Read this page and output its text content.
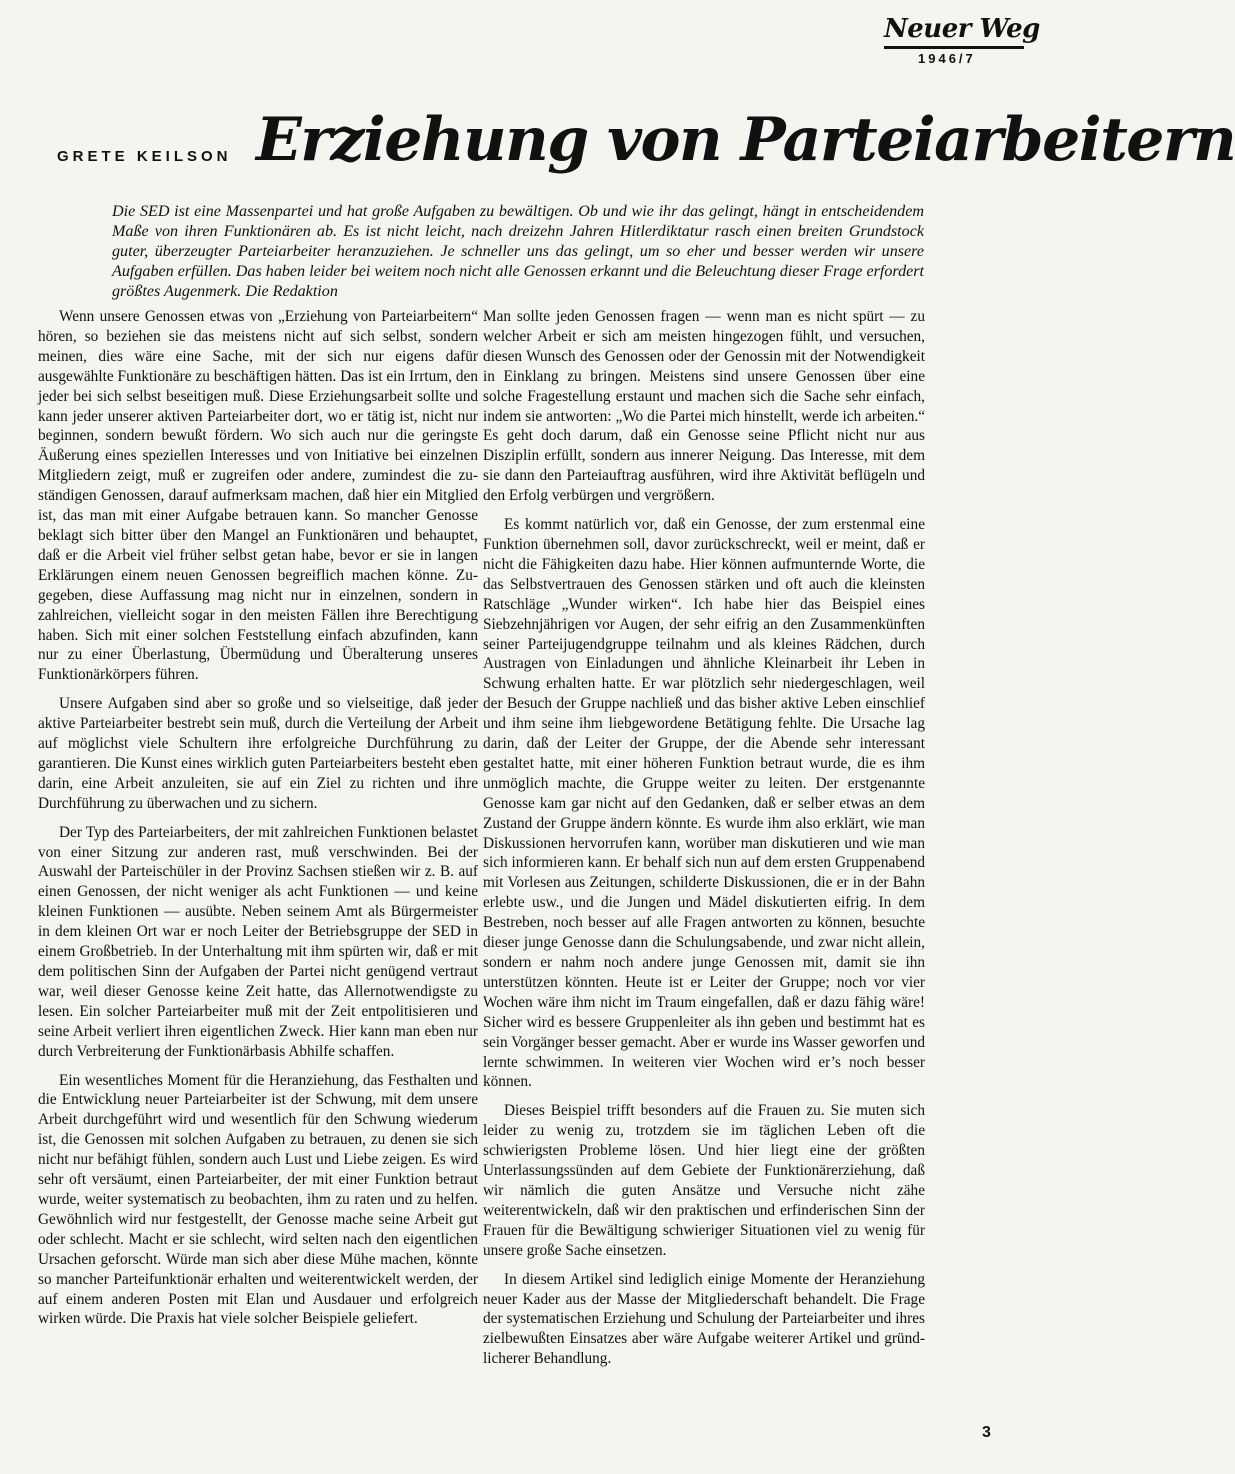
Neuer Weg
1946/7
GRETE KEILSON Erziehung von Parteiarbeitern

Die SED ist eine Massenpartei und hat große Aufgaben zu bewältigen. Ob und wie ihr das gelingt, hängt in entscheidendem Maße von ihren Funktionären ab. Es ist nicht leicht, nach dreizehn Jahren Hitlerdiktatur rasch einen breiten Grundstock guter, überzeugter Parteiarbeiter heranzuziehen. Je schneller uns das gelingt, um so eher und besser werden wir unsere Aufgaben erfüllen. Das haben leider bei weitem noch nicht alle Genossen erkannt und die Beleuchtung dieser Frage erfordert größtes Augenmerk. Die Redaktion

Wenn unsere Genossen etwas von „Erziehung von Parteiarbeitern“ hören, so beziehen sie das meistens nicht auf sich selbst, sondern meinen, dies wäre eine Sache, mit der sich nur eigens dafür ausgewählte Funktionäre zu beschäftigen hätten. Das ist ein Irrtum, den jeder bei sich selbst beseitigen muß. Diese Erziehungsarbeit sollte und kann jeder unserer aktiven Parteiarbeiter dort, wo er tätig ist, nicht nur beginnen, sondern bewußt fördern. Wo sich auch nur die geringste Äußerung eines speziellen Interesses und von Initiative bei einzelnen Mitgliedern zeigt, muß er zugreifen oder andere, zumindest die zuständigen Genossen, darauf aufmerksam machen, daß hier ein Mitglied ist, das man mit einer Aufgabe betrauen kann. So mancher Genosse beklagt sich bitter über den Mangel an Funktionären und behauptet, daß er die Arbeit viel früher selbst getan habe, bevor er sie in langen Erklärungen einem neuen Genossen begreiflich machen könne. Zugegeben, diese Auffassung mag nicht nur in einzelnen, sondern in zahlreichen, vielleicht sogar in den meisten Fällen ihre Berechtigung haben. Sich mit einer solchen Feststellung einfach abzufinden, kann nur zu einer Überlastung, Übermüdung und Überalterung unseres Funktionärkörpers führen.

Unsere Aufgaben sind aber so große und so vielseitige, daß jeder aktive Parteiarbeiter bestrebt sein muß, durch die Verteilung der Arbeit auf möglichst viele Schultern ihre erfolgreiche Durchführung zu garantieren. Die Kunst eines wirklich guten Parteiarbeiters besteht eben darin, eine Arbeit anzuleiten, sie auf ein Ziel zu richten und ihre Durchführung zu überwachen und zu sichern.

Der Typ des Parteiarbeiters, der mit zahlreichen Funktionen belastet von einer Sitzung zur anderen rast, muß verschwinden. Bei der Auswahl der Parteischüler in der Provinz Sachsen stießen wir z. B. auf einen Genossen, der nicht weniger als acht Funktionen — und keine kleinen Funktionen — ausübte. Neben seinem Amt als Bürgermeister in dem kleinen Ort war er noch Leiter der Betriebsgruppe der SED in einem Großbetrieb. In der Unterhaltung mit ihm spürten wir, daß er mit dem politischen Sinn der Aufgaben der Partei nicht genügend vertraut war, weil dieser Genosse keine Zeit hatte, das Allernotwendigste zu lesen. Ein solcher Parteiarbeiter muß mit der Zeit entpolitisieren und seine Arbeit verliert ihren eigentlichen Zweck. Hier kann man eben nur durch Verbreiterung der Funktionärbasis Abhilfe schaffen.

Ein wesentliches Moment für die Heranziehung, das Festhalten und die Entwicklung neuer Parteiarbeiter ist der Schwung, mit dem unsere Arbeit durchgeführt wird und wesentlich für den Schwung wiederum ist, die Genossen mit solchen Aufgaben zu betrauen, zu denen sie sich nicht nur befähigt fühlen, sondern auch Lust und Liebe zeigen. Es wird sehr oft versäumt, einen Parteiarbeiter, der mit einer Funktion betraut wurde, weiter systematisch zu beobachten, ihm zu raten und zu helfen. Gewöhnlich wird nur festgestellt, der Genosse mache seine Arbeit gut oder schlecht. Macht er sie schlecht, wird selten nach den eigentlichen Ursachen geforscht. Würde man sich aber diese Mühe machen, könnte so mancher Parteifunktionär erhalten und weiterentwickelt werden, der auf einem anderen Posten mit Elan und Ausdauer und erfolgreich wirken würde. Die Praxis hat viele solcher Beispiele geliefert.

Man sollte jeden Genossen fragen — wenn man es nicht spürt — zu welcher Arbeit er sich am meisten hingezogen fühlt, und versuchen, diesen Wunsch des Genossen oder der Genossin mit der Notwendigkeit in Einklang zu bringen. Meistens sind unsere Genossen über eine solche Fragestellung erstaunt und machen sich die Sache sehr einfach, indem sie antworten: „Wo die Partei mich hinstellt, werde ich arbeiten.“ Es geht doch darum, daß ein Genosse seine Pflicht nicht nur aus Disziplin erfüllt, sondern aus innerer Neigung. Das Interesse, mit dem sie dann den Parteiauftrag ausführen, wird ihre Aktivität beflügeln und den Erfolg verbürgen und vergrößern.

Es kommt natürlich vor, daß ein Genosse, der zum erstenmal eine Funktion übernehmen soll, davor zurückschreckt, weil er meint, daß er nicht die Fähigkeiten dazu habe. Hier können aufmunternde Worte, die das Selbstvertrauen des Genossen stärken und oft auch die kleinsten Ratschläge „Wunder wirken“. Ich habe hier das Beispiel eines Siebzehnjährigen vor Augen, der sehr eifrig an den Zusammenkünften seiner Parteijugendgruppe teilnahm und als kleines Rädchen, durch Austragen von Einladungen und ähnliche Kleinarbeit ihr Leben in Schwung erhalten hatte. Er war plötzlich sehr niedergeschlagen, weil der Besuch der Gruppe nachließ und das bisher aktive Leben einschlief und ihm seine ihm liebgewordene Betätigung fehlte. Die Ursache lag darin, daß der Leiter der Gruppe, der die Abende sehr interessant gestaltet hatte, mit einer höheren Funktion betraut wurde, die es ihm unmöglich machte, die Gruppe weiter zu leiten. Der erstgenannte Genosse kam gar nicht auf den Gedanken, daß er selber etwas an dem Zustand der Gruppe ändern könnte. Es wurde ihm also erklärt, wie man Diskussionen hervorrufen kann, worüber man diskutieren und wie man sich informieren kann. Er behalf sich nun auf dem ersten Gruppenabend mit Vorlesen aus Zeitungen, schilderte Diskussionen, die er in der Bahn erlebte usw., und die Jungen und Mädel diskutierten eifrig. In dem Bestreben, noch besser auf alle Fragen antworten zu können, besuchte dieser junge Genosse dann die Schulungsabende, und zwar nicht allein, sondern er nahm noch andere junge Genossen mit, damit sie ihn unterstützen könnten. Heute ist er Leiter der Gruppe; noch vor vier Wochen wäre ihm nicht im Traum eingefallen, daß er dazu fähig wäre! Sicher wird es bessere Gruppenleiter als ihn geben und bestimmt hat es sein Vorgänger besser gemacht. Aber er wurde ins Wasser geworfen und lernte schwimmen. In weiteren vier Wochen wird er’s noch besser können.

Dieses Beispiel trifft besonders auf die Frauen zu. Sie muten sich leider zu wenig zu, trotzdem sie im täglichen Leben oft die schwierigsten Probleme lösen. Und hier liegt eine der größten Unterlassungssünden auf dem Gebiete der Funktionärerziehung, daß wir nämlich die guten Ansätze und Versuche nicht zähe weiterentwickeln, daß wir den praktischen und erfinderischen Sinn der Frauen für die Bewältigung schwieriger Situationen viel zu wenig für unsere große Sache einsetzen.

In diesem Artikel sind lediglich einige Momente der Heranziehung neuer Kader aus der Masse der Mitgliederschaft behandelt. Die Frage der systematischen Erziehung und Schulung der Parteiarbeiter und ihres zielbewußten Einsatzes aber wäre Aufgabe weiterer Artikel und gründlicherer Behandlung.

3
